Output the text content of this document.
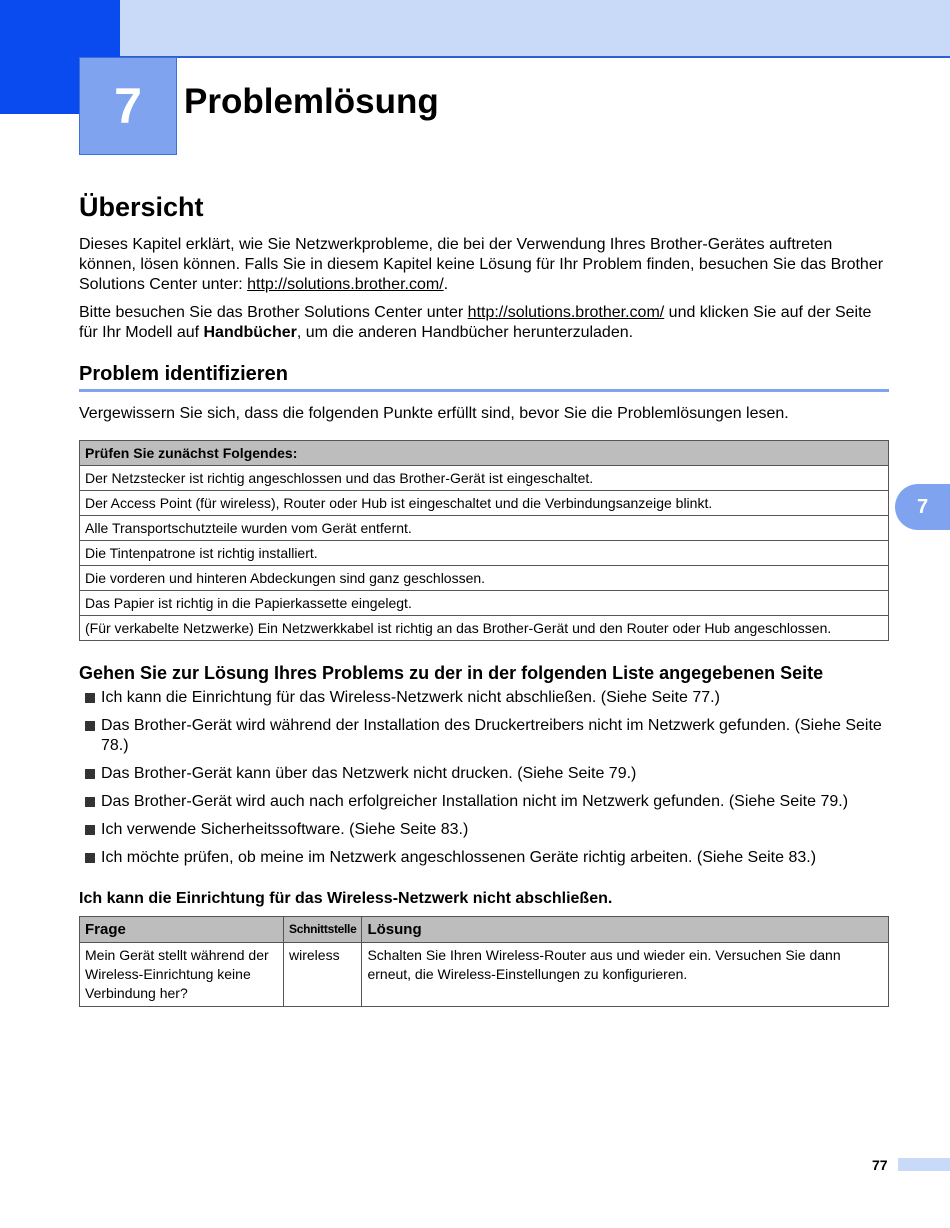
7 Problemlösung
7
Übersicht

Dieses Kapitel erklärt, wie Sie Netzwerkprobleme, die bei der Verwendung Ihres Brother-Gerätes auftreten können, lösen können. Falls Sie in diesem Kapitel keine Lösung für Ihr Problem finden, besuchen Sie das Brother Solutions Center unter: http://solutions.brother.com/.

Bitte besuchen Sie das Brother Solutions Center unter http://solutions.brother.com/ und klicken Sie auf der Seite für Ihr Modell auf Handbücher, um die anderen Handbücher herunterzuladen.

Problem identifizieren

Vergewissern Sie sich, dass die folgenden Punkte erfüllt sind, bevor Sie die Problemlösungen lesen.

Prüfen Sie zunächst Folgendes:
Der Netzstecker ist richtig angeschlossen und das Brother-Gerät ist eingeschaltet.
Der Access Point (für wireless), Router oder Hub ist eingeschaltet und die Verbindungsanzeige blinkt.
Alle Transportschutzteile wurden vom Gerät entfernt.
Die Tintenpatrone ist richtig installiert.
Die vorderen und hinteren Abdeckungen sind ganz geschlossen.
Das Papier ist richtig in die Papierkassette eingelegt.
(Für verkabelte Netzwerke) Ein Netzwerkkabel ist richtig an das Brother-Gerät und den Router oder Hub angeschlossen.
Gehen Sie zur Lösung Ihres Problems zu der in der folgenden Liste angegebenen Seite
Ich kann die Einrichtung für das Wireless-Netzwerk nicht abschließen. (Siehe Seite 77.)
Das Brother-Gerät wird während der Installation des Druckertreibers nicht im Netzwerk gefunden. (Siehe Seite 78.)
Das Brother-Gerät kann über das Netzwerk nicht drucken. (Siehe Seite 79.)
Das Brother-Gerät wird auch nach erfolgreicher Installation nicht im Netzwerk gefunden. (Siehe Seite 79.)
Ich verwende Sicherheitssoftware. (Siehe Seite 83.)
Ich möchte prüfen, ob meine im Netzwerk angeschlossenen Geräte richtig arbeiten. (Siehe Seite 83.)
Ich kann die Einrichtung für das Wireless-Netzwerk nicht abschließen.
Frage	Schnittstelle	Lösung
Mein Gerät stellt während der Wireless-Einrichtung keine Verbindung her?	wireless	Schalten Sie Ihren Wireless-Router aus und wieder ein. Versuchen Sie dann erneut, die Wireless-Einstellungen zu konfigurieren.
77
